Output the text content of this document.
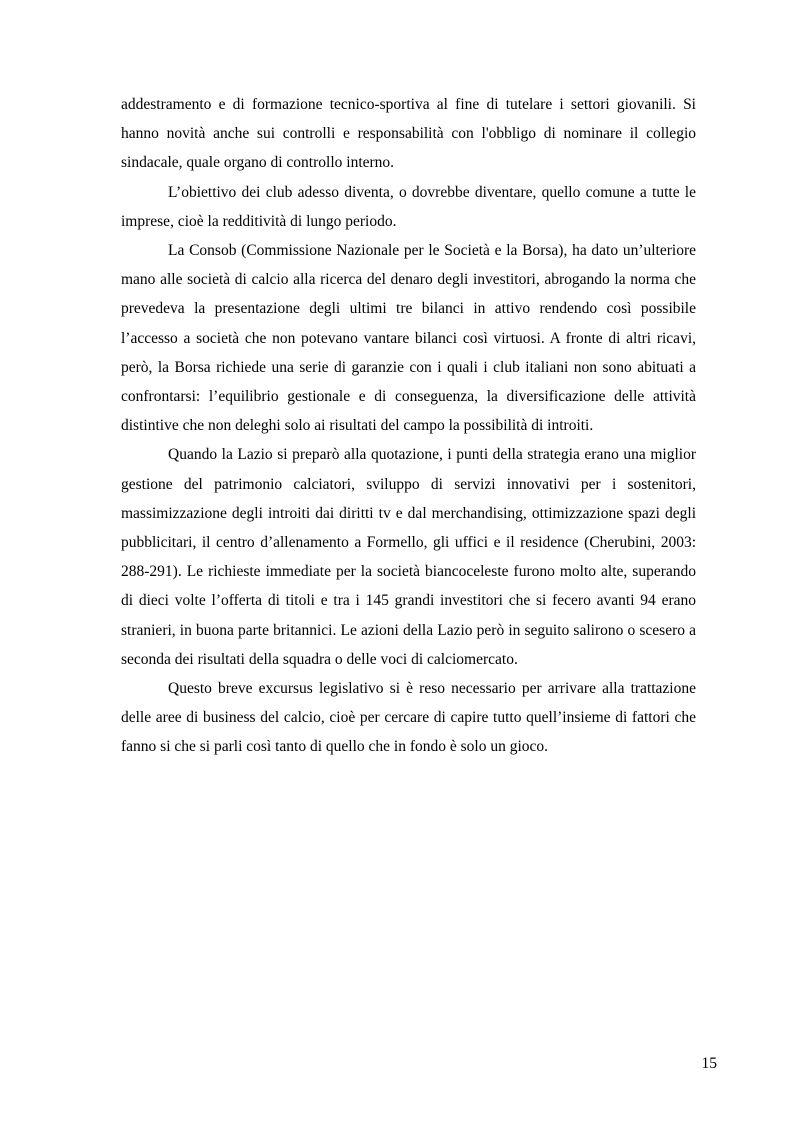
addestramento e di formazione tecnico-sportiva al fine di tutelare i settori giovanili. Si hanno novità anche sui controlli e responsabilità con l'obbligo di nominare il collegio sindacale, quale organo di controllo interno.

L’obiettivo dei club adesso diventa, o dovrebbe diventare, quello comune a tutte le imprese, cioè la redditività di lungo periodo.

La Consob (Commissione Nazionale per le Società e la Borsa), ha dato un’ulteriore mano alle società di calcio alla ricerca del denaro degli investitori, abrogando la norma che prevedeva la presentazione degli ultimi tre bilanci in attivo rendendo così possibile l’accesso a società che non potevano vantare bilanci così virtuosi. A fronte di altri ricavi, però, la Borsa richiede una serie di garanzie con i quali i club italiani non sono abituati a confrontarsi: l’equilibrio gestionale e di conseguenza, la diversificazione delle attività distintive che non deleghi solo ai risultati del campo la possibilità di introiti.

Quando la Lazio si preparò alla quotazione, i punti della strategia erano una miglior gestione del patrimonio calciatori, sviluppo di servizi innovativi per i sostenitori, massimizzazione degli introiti dai diritti tv e dal merchandising, ottimizzazione spazi degli pubblicitari, il centro d’allenamento a Formello, gli uffici e il residence (Cherubini, 2003: 288-291). Le richieste immediate per la società biancoceleste furono molto alte, superando di dieci volte l’offerta di titoli e tra i 145 grandi investitori che si fecero avanti 94 erano stranieri, in buona parte britannici. Le azioni della Lazio però in seguito salirono o scesero a seconda dei risultati della squadra o delle voci di calciomercato.

Questo breve excursus legislativo si è reso necessario per arrivare alla trattazione delle aree di business del calcio, cioè per cercare di capire tutto quell’insieme di fattori che fanno si che si parli così tanto di quello che in fondo è solo un gioco.

15
